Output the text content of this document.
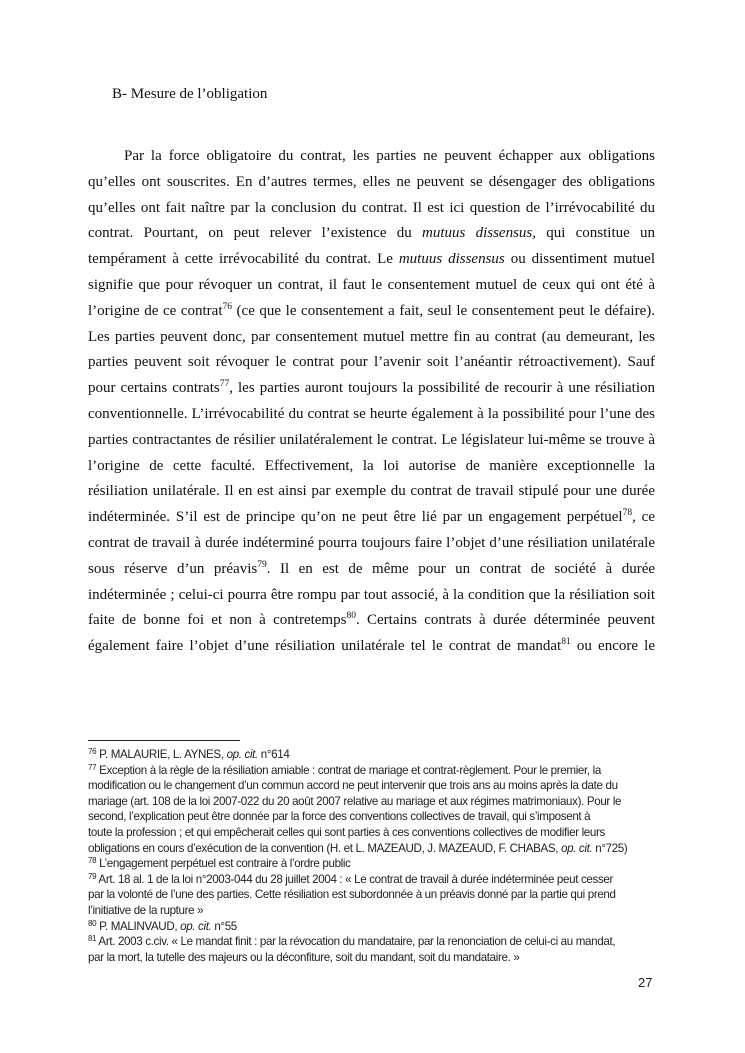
B- Mesure de l’obligation
Par la force obligatoire du contrat, les parties ne peuvent échapper aux obligations
qu’elles ont souscrites. En d’autres termes, elles ne peuvent se désengager des obligations
qu’elles ont fait naître par la conclusion du contrat. Il est ici question de l’irrévocabilité du
contrat. Pourtant, on peut relever l’existence du mutuus dissensus, qui constitue un
tempérament à cette irrévocabilité du contrat. Le mutuus dissensus ou dissentiment mutuel
signifie que pour révoquer un contrat, il faut le consentement mutuel de ceux qui ont été à
l’origine de ce contrat$^{76}$ (ce que le consentement a fait, seul le consentement peut le défaire).
Les parties peuvent donc, par consentement mutuel mettre fin au contrat (au demeurant, les
parties peuvent soit révoquer le contrat pour l’avenir soit l’anéantir rétroactivement). Sauf
pour certains contrats$^{77}$, les parties auront toujours la possibilité de recourir à une résiliation
conventionnelle. L’irrévocabilité du contrat se heurte également à la possibilité pour l’une des
parties contractantes de résilier unilatéralement le contrat. Le législateur lui-même se trouve à
l’origine de cette faculté. Effectivement, la loi autorise de manière exceptionnelle la
résiliation unilatérale. Il en est ainsi par exemple du contrat de travail stipulé pour une durée
indéterminée. S’il est de principe qu’on ne peut être lié par un engagement perpétuel$^{78}$, ce
contrat de travail à durée indéterminé pourra toujours faire l’objet d’une résiliation unilatérale
sous réserve d’un préavis$^{79}$. Il en est de même pour un contrat de société à durée
indéterminée ; celui-ci pourra être rompu par tout associé, à la condition que la résiliation soit
faite de bonne foi et non à contretemps$^{80}$. Certains contrats à durée déterminée peuvent
également faire l’objet d’une résiliation unilatérale tel le contrat de mandat$^{81}$ ou encore le
$^{76}$ P. MALAURIE, L. AYNES, op. cit. n°614
$^{77}$ Exception à la règle de la résiliation amiable : contrat de mariage et contrat-règlement. Pour le premier, la
modification ou le changement d’un commun accord ne peut intervenir que trois ans au moins après la date du
mariage (art. 108 de la loi 2007-022 du 20 août 2007 relative au mariage et aux régimes matrimoniaux). Pour le
second, l’explication peut être donnée par la force des conventions collectives de travail, qui s’imposent à
toute la profession ; et qui empêcherait celles qui sont parties à ces conventions collectives de modifier leurs
obligations en cours d’exécution de la convention (H. et L. MAZEAUD, J. MAZEAUD, F. CHABAS, op. cit. n°725)
$^{78}$ L’engagement perpétuel est contraire à l’ordre public
$^{79}$ Art. 18 al. 1 de la loi n°2003-044 du 28 juillet 2004 : « Le contrat de travail à durée indéterminée peut cesser
par la volonté de l’une des parties. Cette résiliation est subordonnée à un préavis donné par la partie qui prend
l’initiative de la rupture »
$^{80}$ P. MALINVAUD, op. cit. n°55
$^{81}$ Art. 2003 c.civ. « Le mandat finit : par la révocation du mandataire, par la renonciation de celui-ci au mandat,
par la mort, la tutelle des majeurs ou la déconfiture, soit du mandant, soit du mandataire. »
27
